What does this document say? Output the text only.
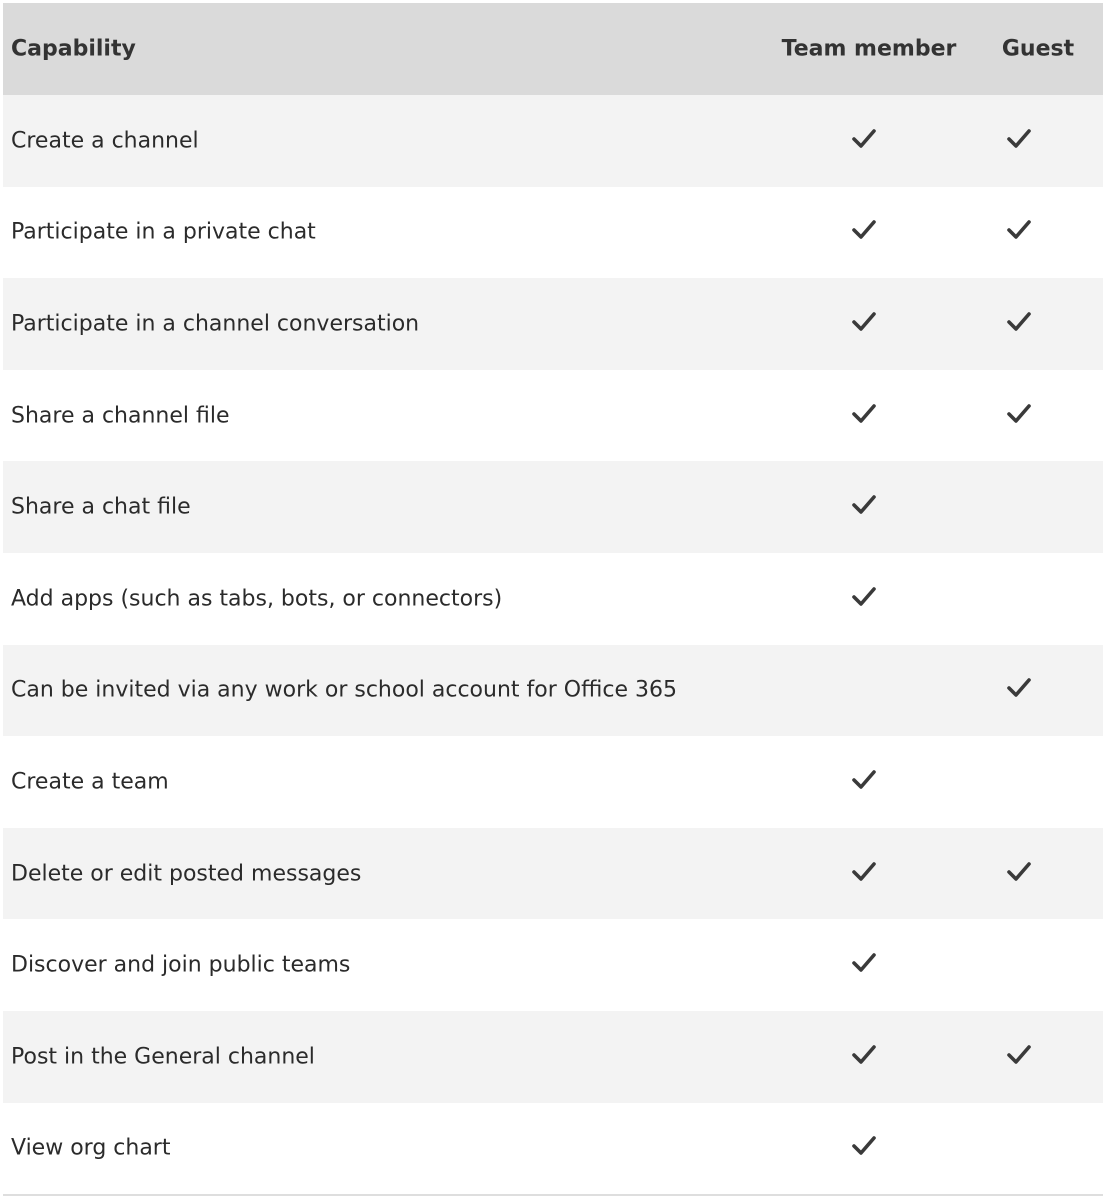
Capability	Team member	Guest
Create a channel
Participate in a private chat
Participate in a channel conversation
Share a channel file
Share a chat file
Add apps (such as tabs, bots, or connectors)
Can be invited via any work or school account for Office 365
Create a team
Delete or edit posted messages
Discover and join public teams
Post in the General channel
View org chart
